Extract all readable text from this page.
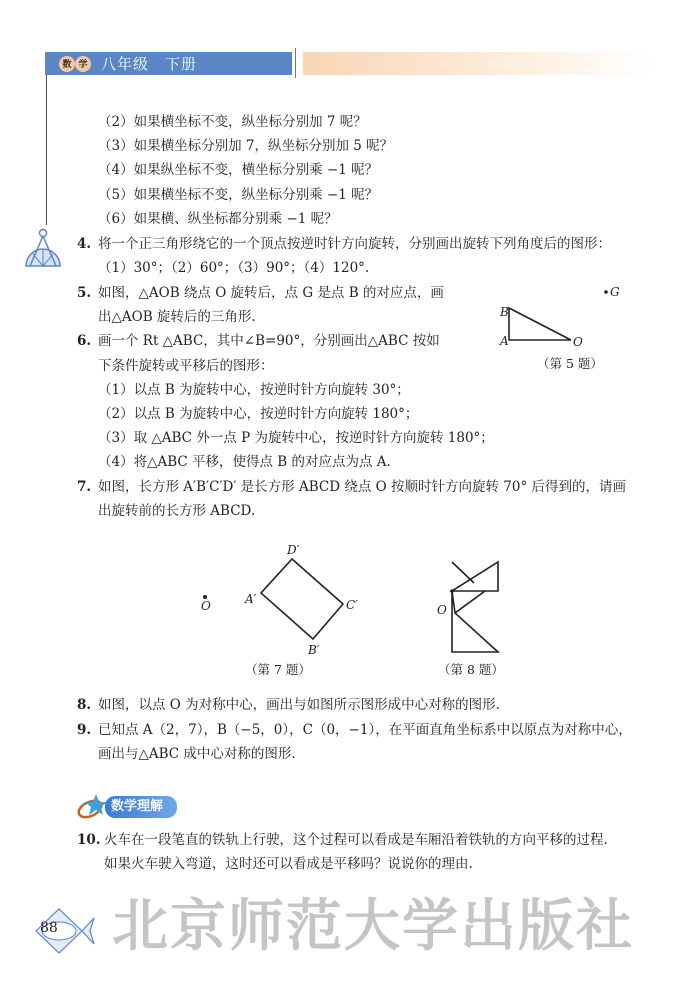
数 学 八年级　下册
（2）如果横坐标不变，纵坐标分别加 7 呢？
（3）如果横坐标分别加 7，纵坐标分别加 5 呢？
（4）如果纵坐标不变，横坐标分别乘 −1 呢？
（5）如果横坐标不变，纵坐标分别乘 −1 呢？
（6）如果横、纵坐标都分别乘 −1 呢？
4. 将一个正三角形绕它的一个顶点按逆时针方向旋转，分别画出旋转下列角度后的图形：
（1）30°；（2）60°；（3）90°；（4）120°.
5. 如图，△AOB 绕点 O 旋转后，点 G 是点 B 的对应点，画
出△AOB 旋转后的三角形.
G
B
A	O
（第 5 题）
6. 画一个 Rt △ABC，其中∠B=90°，分别画出△ABC 按如
下条件旋转或平移后的图形：
（1）以点 B 为旋转中心，按逆时针方向旋转 30°；
（2）以点 B 为旋转中心，按逆时针方向旋转 180°；
（3）取 △ABC 外一点 P 为旋转中心，按逆时针方向旋转 180°；
（4）将△ABC 平移，使得点 B 的对应点为点 A.
7. 如图，长方形 A′B′C′D′ 是长方形 ABCD 绕点 O 按顺时针方向旋转 70° 后得到的，请画
出旋转前的长方形 ABCD.
O	A′
D′
C′
B′
O
（第 7 题）	（第 8 题）
8. 如图，以点 O 为对称中心，画出与如图所示图形成中心对称的图形.
9. 已知点 A（2，7），B（−5，0），C（0，−1），在平面直角坐标系中以原点为对称中心，
画出与△ABC 成中心对称的图形.
数学理解
10. 火车在一段笔直的铁轨上行驶，这个过程可以看成是车厢沿着铁轨的方向平移的过程.
如果火车驶入弯道，这时还可以看成是平移吗？说说你的理由.
北京师范大学出版社
88
